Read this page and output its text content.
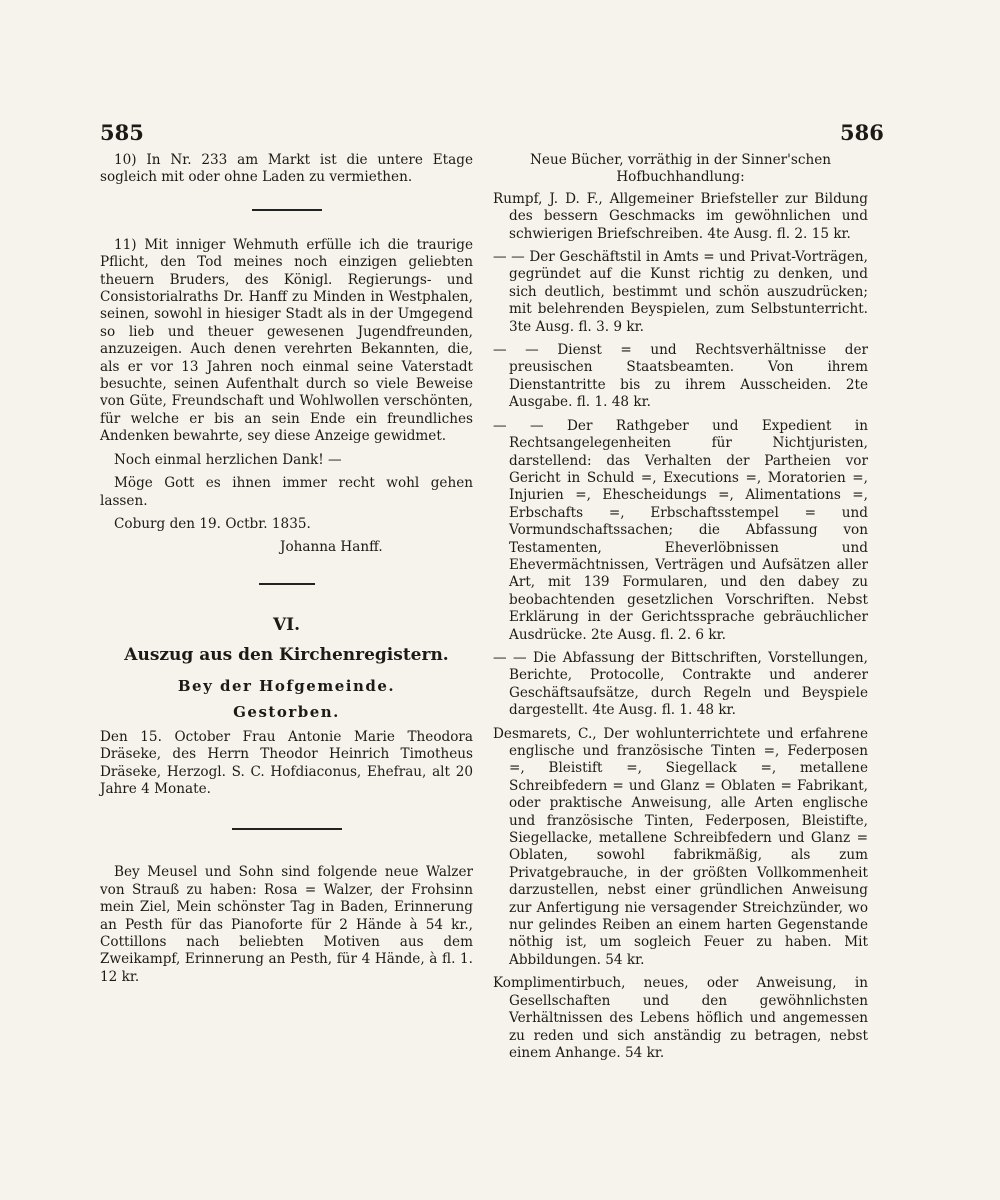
585	586

10) In Nr. 233 am Markt ist die untere Etage sogleich mit oder ohne Laden zu vermiethen.

11) Mit inniger Wehmuth erfülle ich die traurige Pflicht, den Tod meines noch einzigen geliebten theuern Bruders, des Königl. Regierungs- und Consistorialraths Dr. Hanff zu Minden in Westphalen, seinen, sowohl in hiesiger Stadt als in der Umgegend so lieb und theuer gewesenen Jugendfreunden, anzuzeigen. Auch denen verehrten Bekannten, die, als er vor 13 Jahren noch einmal seine Vaterstadt besuchte, seinen Aufenthalt durch so viele Beweise von Güte, Freundschaft und Wohlwollen verschönten, für welche er bis an sein Ende ein freundliches Andenken bewahrte, sey diese Anzeige gewidmet.

Noch einmal herzlichen Dank! —

Möge Gott es ihnen immer recht wohl gehen lassen.

Coburg den 19. Octbr. 1835.

Johanna Hanff.

VI.

Auszug aus den Kirchenregistern.

Bey der Hofgemeinde.

Gestorben.

Den 15. October Frau Antonie Marie Theodora Dräseke, des Herrn Theodor Heinrich Timotheus Dräseke, Herzogl. S. C. Hofdiaconus, Ehefrau, alt 20 Jahre 4 Monate.

Bey Meusel und Sohn sind folgende neue Walzer von Strauß zu haben: Rosa = Walzer, der Frohsinn mein Ziel, Mein schönster Tag in Baden, Erinnerung an Pesth für das Pianoforte für 2 Hände à 54 kr., Cottillons nach beliebten Motiven aus dem Zweikampf, Erinnerung an Pesth, für 4 Hände, à fl. 1. 12 kr.

Neue Bücher, vorräthig in der Sinner'schen Hofbuchhandlung:

Rumpf, J. D. F., Allgemeiner Briefsteller zur Bildung des bessern Geschmacks im gewöhnlichen und schwierigen Briefschreiben. 4te Ausg. fl. 2. 15 kr.

— — Der Geschäftstil in Amts = und Privat-Vorträgen, gegründet auf die Kunst richtig zu denken, und sich deutlich, bestimmt und schön auszudrücken; mit belehrenden Beyspielen, zum Selbstunterricht. 3te Ausg. fl. 3. 9 kr.

— — Dienst = und Rechtsverhältnisse der preusischen Staatsbeamten. Von ihrem Dienstantritte bis zu ihrem Ausscheiden. 2te Ausgabe. fl. 1. 48 kr.

— — Der Rathgeber und Expedient in Rechtsangelegenheiten für Nichtjuristen, darstellend: das Verhalten der Partheien vor Gericht in Schuld =, Executions =, Moratorien =, Injurien =, Ehescheidungs =, Alimentations =, Erbschafts =, Erbschaftsstempel = und Vormundschaftssachen; die Abfassung von Testamenten, Eheverlöbnissen und Ehevermächtnissen, Verträgen und Aufsätzen aller Art, mit 139 Formularen, und den dabey zu beobachtenden gesetzlichen Vorschriften. Nebst Erklärung in der Gerichtssprache gebräuchlicher Ausdrücke. 2te Ausg. fl. 2. 6 kr.

— — Die Abfassung der Bittschriften, Vorstellungen, Berichte, Protocolle, Contrakte und anderer Geschäftsaufsätze, durch Regeln und Beyspiele dargestellt. 4te Ausg. fl. 1. 48 kr.

Desmarets, C., Der wohlunterrichtete und erfahrene englische und französische Tinten =, Federposen =, Bleistift =, Siegellack =, metallene Schreibfedern = und Glanz = Oblaten = Fabrikant, oder praktische Anweisung, alle Arten englische und französische Tinten, Federposen, Bleistifte, Siegellacke, metallene Schreibfedern und Glanz = Oblaten, sowohl fabrikmäßig, als zum Privatgebrauche, in der größten Vollkommenheit darzustellen, nebst einer gründlichen Anweisung zur Anfertigung nie versagender Streichzünder, wo nur gelindes Reiben an einem harten Gegenstande nöthig ist, um sogleich Feuer zu haben. Mit Abbildungen. 54 kr.

Komplimentirbuch, neues, oder Anweisung, in Gesellschaften und den gewöhnlichsten Verhältnissen des Lebens höflich und angemessen zu reden und sich anständig zu betragen, nebst einem Anhange. 54 kr.
